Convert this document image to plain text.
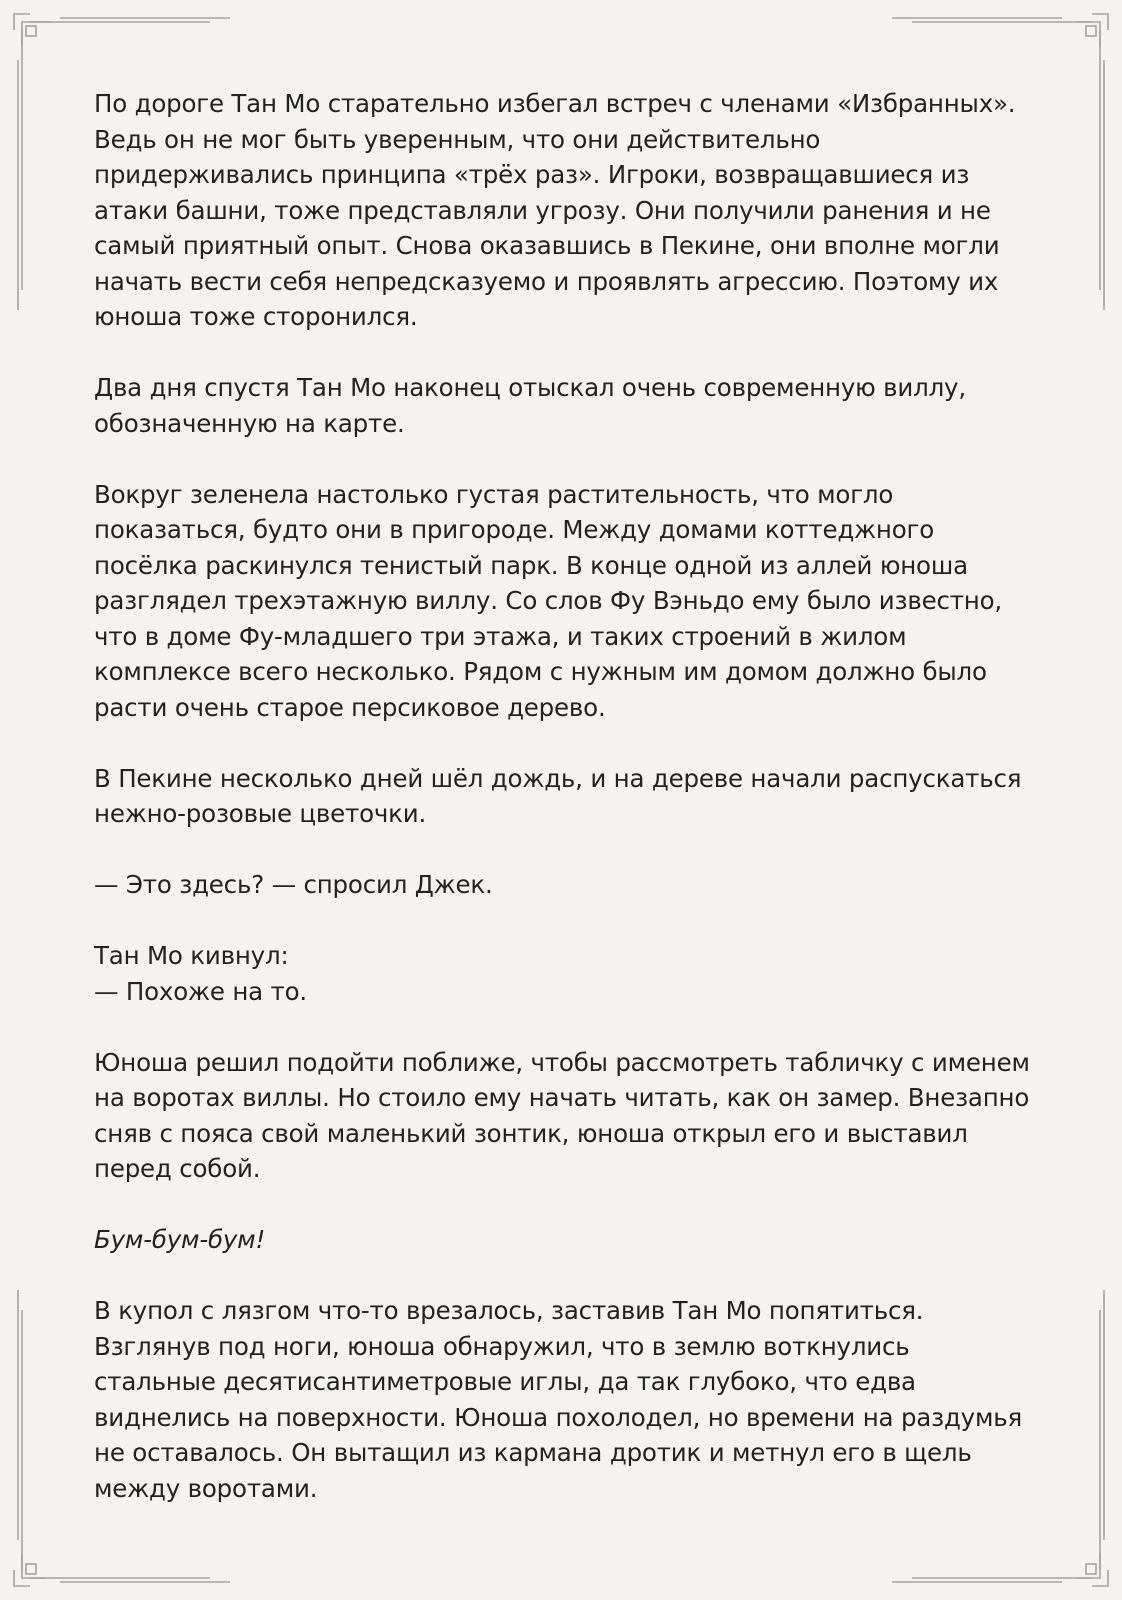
По дороге Тан Мо старательно избегал встреч с членами «Избранных». Ведь он не мог быть уверенным, что они действительно придерживались принципа «трёх раз». Игроки, возвращавшиеся из атаки башни, тоже представляли угрозу. Они получили ранения и не самый приятный опыт. Снова оказавшись в Пекине, они вполне могли начать вести себя непредсказуемо и проявлять агрессию. Поэтому их юноша тоже сторонился.

Два дня спустя Тан Мо наконец отыскал очень современную виллу, обозначенную на карте.

Вокруг зеленела настолько густая растительность, что могло показаться, будто они в пригороде. Между домами коттеджного посёлка раскинулся тенистый парк. В конце одной из аллей юноша разглядел трехэтажную виллу. Со слов Фу Вэньдо ему было известно, что в доме Фу-младшего три этажа, и таких строений в жилом комплексе всего несколько. Рядом с нужным им домом должно было расти очень старое персиковое дерево.

В Пекине несколько дней шёл дождь, и на дереве начали распускаться нежно-розовые цветочки.

— Это здесь? — спросил Джек.

Тан Мо кивнул:

— Похоже на то.

Юноша решил подойти поближе, чтобы рассмотреть табличку с именем на воротах виллы. Но стоило ему начать читать, как он замер. Внезапно сняв с пояса свой маленький зонтик, юноша открыл его и выставил перед собой.

Бум-бум-бум!

В купол с лязгом что-то врезалось, заставив Тан Мо попятиться. Взглянув под ноги, юноша обнаружил, что в землю воткнулись стальные десятисантиметровые иглы, да так глубоко, что едва виднелись на поверхности. Юноша похолодел, но времени на раздумья не оставалось. Он вытащил из кармана дротик и метнул его в щель между воротами.
